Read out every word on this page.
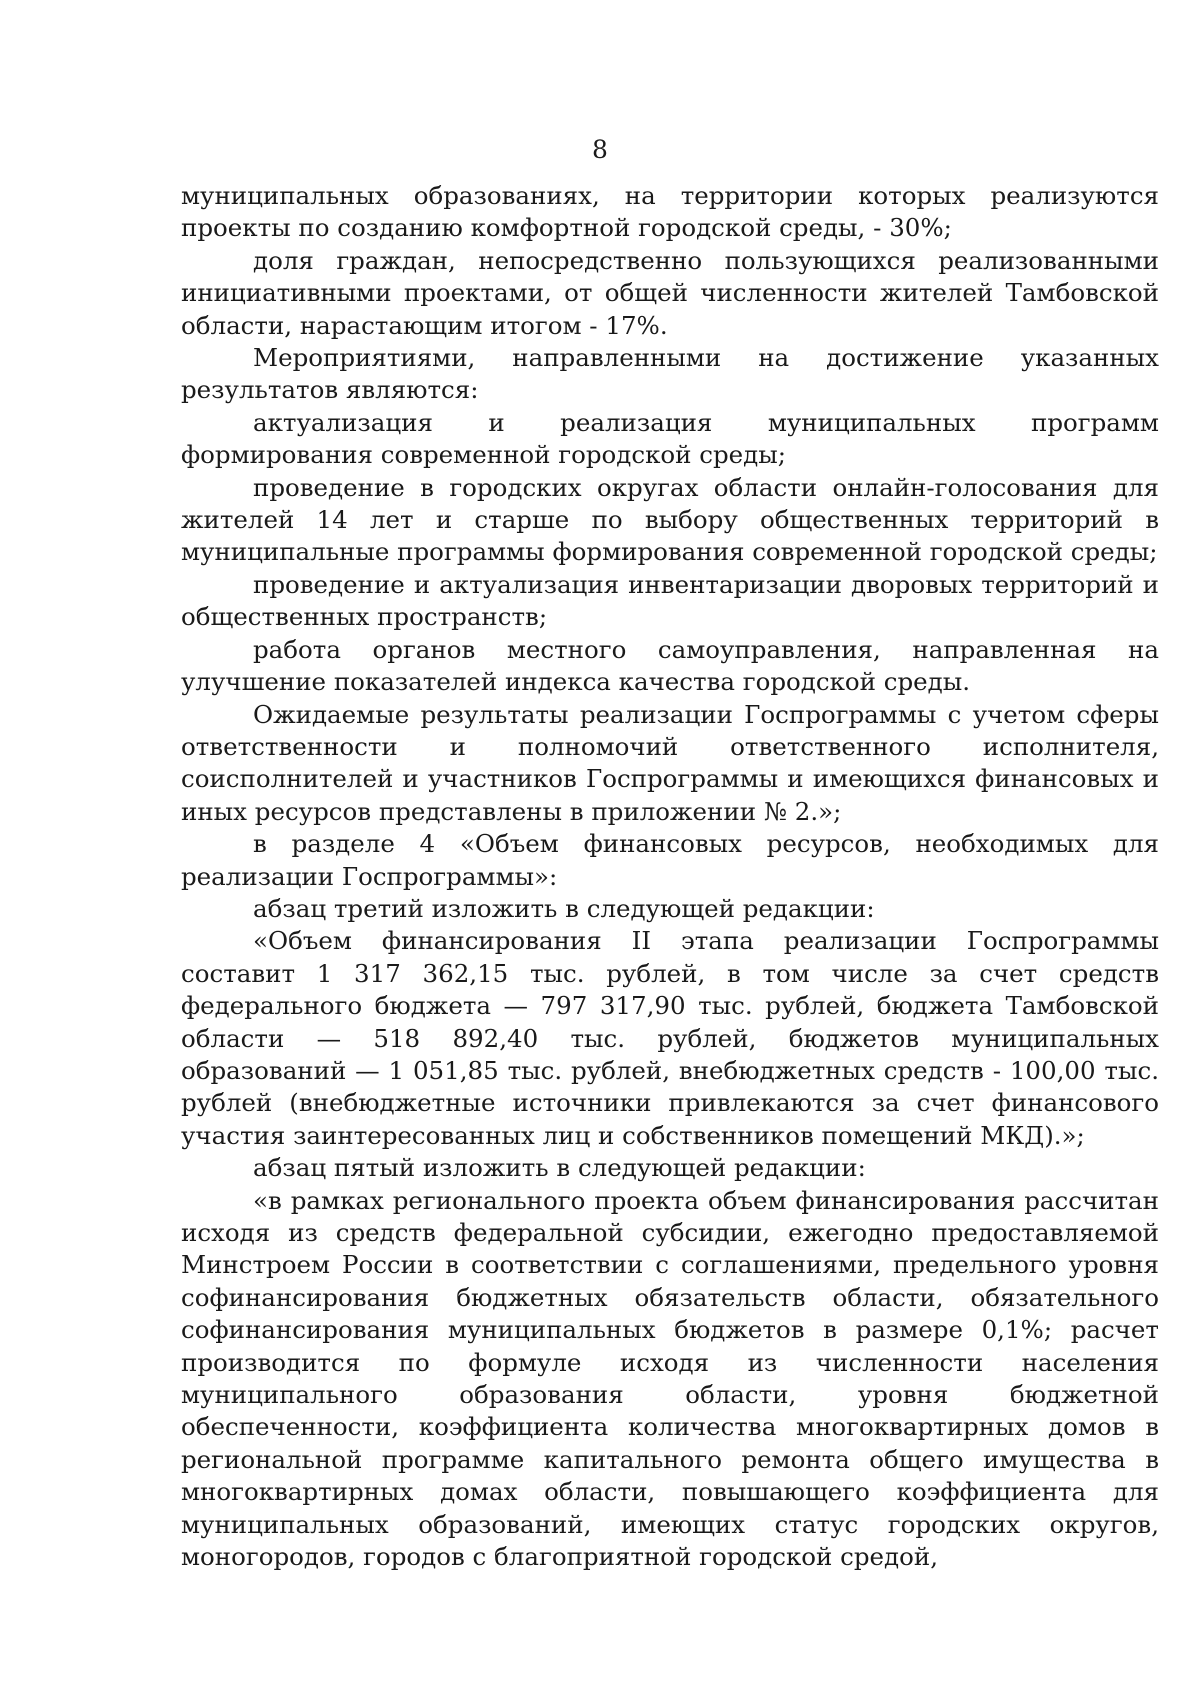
8

муниципальных образованиях, на территории которых реализуются проекты по созданию комфортной городской среды, - 30%;

доля граждан, непосредственно пользующихся реализованными инициативными проектами, от общей численности жителей Тамбовской области, нарастающим итогом - 17%.

Мероприятиями, направленными на достижение указанных результатов являются:

актуализация и реализация муниципальных программ формирования современной городской среды;

проведение в городских округах области онлайн-голосования для жителей 14 лет и старше по выбору общественных территорий в муниципальные программы формирования современной городской среды;

проведение и актуализация инвентаризации дворовых территорий и общественных пространств;

работа органов местного самоуправления, направленная на улучшение показателей индекса качества городской среды.

Ожидаемые результаты реализации Госпрограммы с учетом сферы ответственности и полномочий ответственного исполнителя, соисполнителей и участников Госпрограммы и имеющихся финансовых и иных ресурсов представлены в приложении № 2.»;

в разделе 4 «Объем финансовых ресурсов, необходимых для реализации Госпрограммы»:

абзац третий изложить в следующей редакции:

«Объем финансирования II этапа реализации Госпрограммы составит 1 317 362,15 тыс. рублей, в том числе за счет средств федерального бюджета — 797 317,90 тыс. рублей, бюджета Тамбовской области — 518 892,40 тыс. рублей, бюджетов муниципальных образований — 1 051,85 тыс. рублей, внебюджетных средств - 100,00 тыс. рублей (внебюджетные источники привлекаются за счет финансового участия заинтересованных лиц и собственников помещений МКД).»;

абзац пятый изложить в следующей редакции:

«в рамках регионального проекта объем финансирования рассчитан исходя из средств федеральной субсидии, ежегодно предоставляемой Минстроем России в соответствии с соглашениями, предельного уровня софинансирования бюджетных обязательств области, обязательного софинансирования муниципальных бюджетов в размере 0,1%; расчет производится по формуле исходя из численности населения муниципального образования области, уровня бюджетной обеспеченности, коэффициента количества многоквартирных домов в региональной программе капитального ремонта общего имущества в многоквартирных домах области, повышающего коэффициента для муниципальных образований, имеющих статус городских округов, моногородов, городов с благоприятной городской средой,
